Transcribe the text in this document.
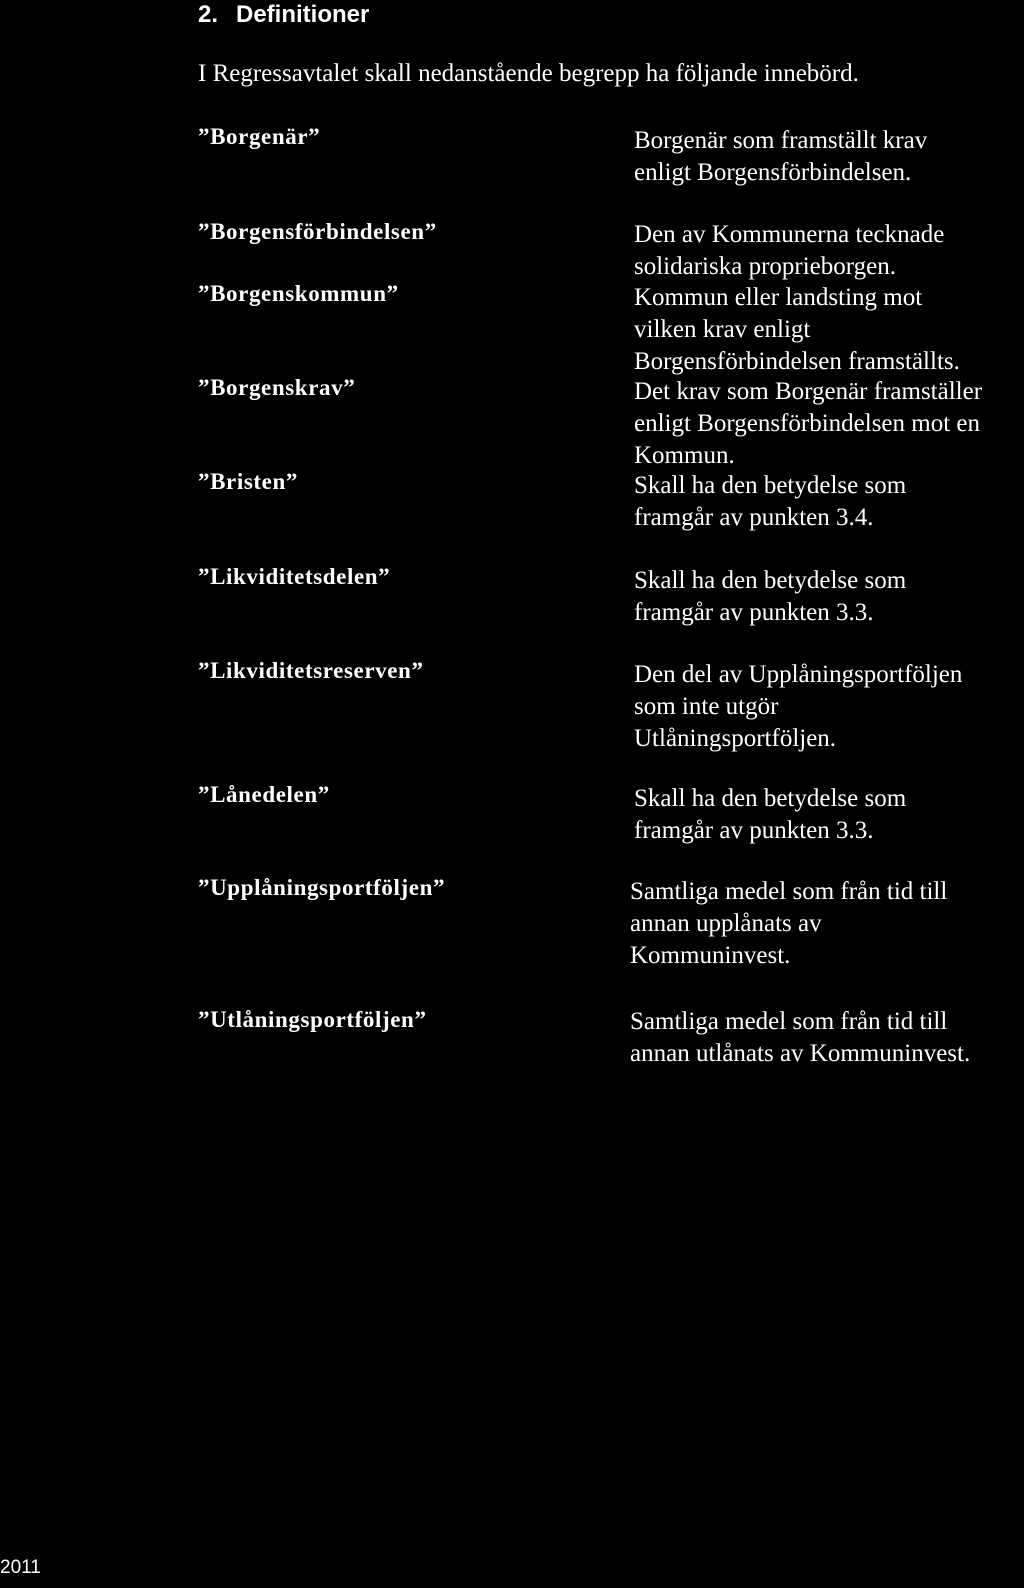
2. Definitioner

I Regressavtalet skall nedanstående begrepp ha följande innebörd.

”Borgenär”	Borgenär som framställt krav
enligt Borgensförbindelsen.

”Borgensförbindelsen”	Den av Kommunerna tecknade
solidariska proprieborgen.

”Borgenskommun”	Kommun eller landsting mot
vilken krav enligt
Borgensförbindelsen framställts.

”Borgenskrav”	Det krav som Borgenär framställer
enligt Borgensförbindelsen mot en
Kommun.

”Bristen”	Skall ha den betydelse som
framgår av punkten 3.4.

”Likviditetsdelen”	Skall ha den betydelse som
framgår av punkten 3.3.

”Likviditetsreserven”	Den del av Upplåningsportföljen
som inte utgör
Utlåningsportföljen.

”Lånedelen”	Skall ha den betydelse som
framgår av punkten 3.3.

”Upplåningsportföljen”	Samtliga medel som från tid till
annan upplånats av
Kommuninvest.

”Utlåningsportföljen”	Samtliga medel som från tid till
annan utlånats av Kommuninvest.

2011
